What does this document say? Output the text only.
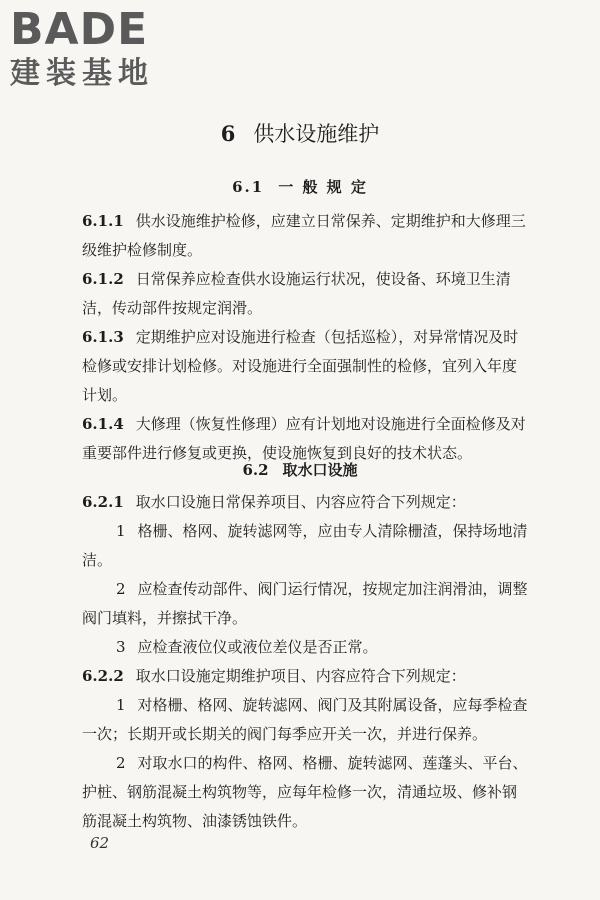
BADE
建装基地
6 供水设施维护
6.1 一 般 规 定

6.1.1 供水设施维护检修，应建立日常保养、定期维护和大修理三级维护检修制度。

6.1.2 日常保养应检查供水设施运行状况，使设备、环境卫生清洁，传动部件按规定润滑。

6.1.3 定期维护应对设施进行检查（包括巡检），对异常情况及时检修或安排计划检修。对设施进行全面强制性的检修，宜列入年度计划。

6.1.4 大修理（恢复性修理）应有计划地对设施进行全面检修及对重要部件进行修复或更换，使设施恢复到良好的技术状态。

6.2 取水口设施

6.2.1 取水口设施日常保养项目、内容应符合下列规定：

1 格栅、格网、旋转滤网等，应由专人清除栅渣，保持场地清洁。

2 应检查传动部件、阀门运行情况，按规定加注润滑油，调整阀门填料，并擦拭干净。

3 应检查液位仪或液位差仪是否正常。

6.2.2 取水口设施定期维护项目、内容应符合下列规定：

1 对格栅、格网、旋转滤网、阀门及其附属设备，应每季检查一次；长期开或长期关的阀门每季应开关一次，并进行保养。

2 对取水口的构件、格网、格栅、旋转滤网、莲蓬头、平台、护桩、钢筋混凝土构筑物等，应每年检修一次，清通垃圾、修补钢筋混凝土构筑物、油漆锈蚀铁件。

62
